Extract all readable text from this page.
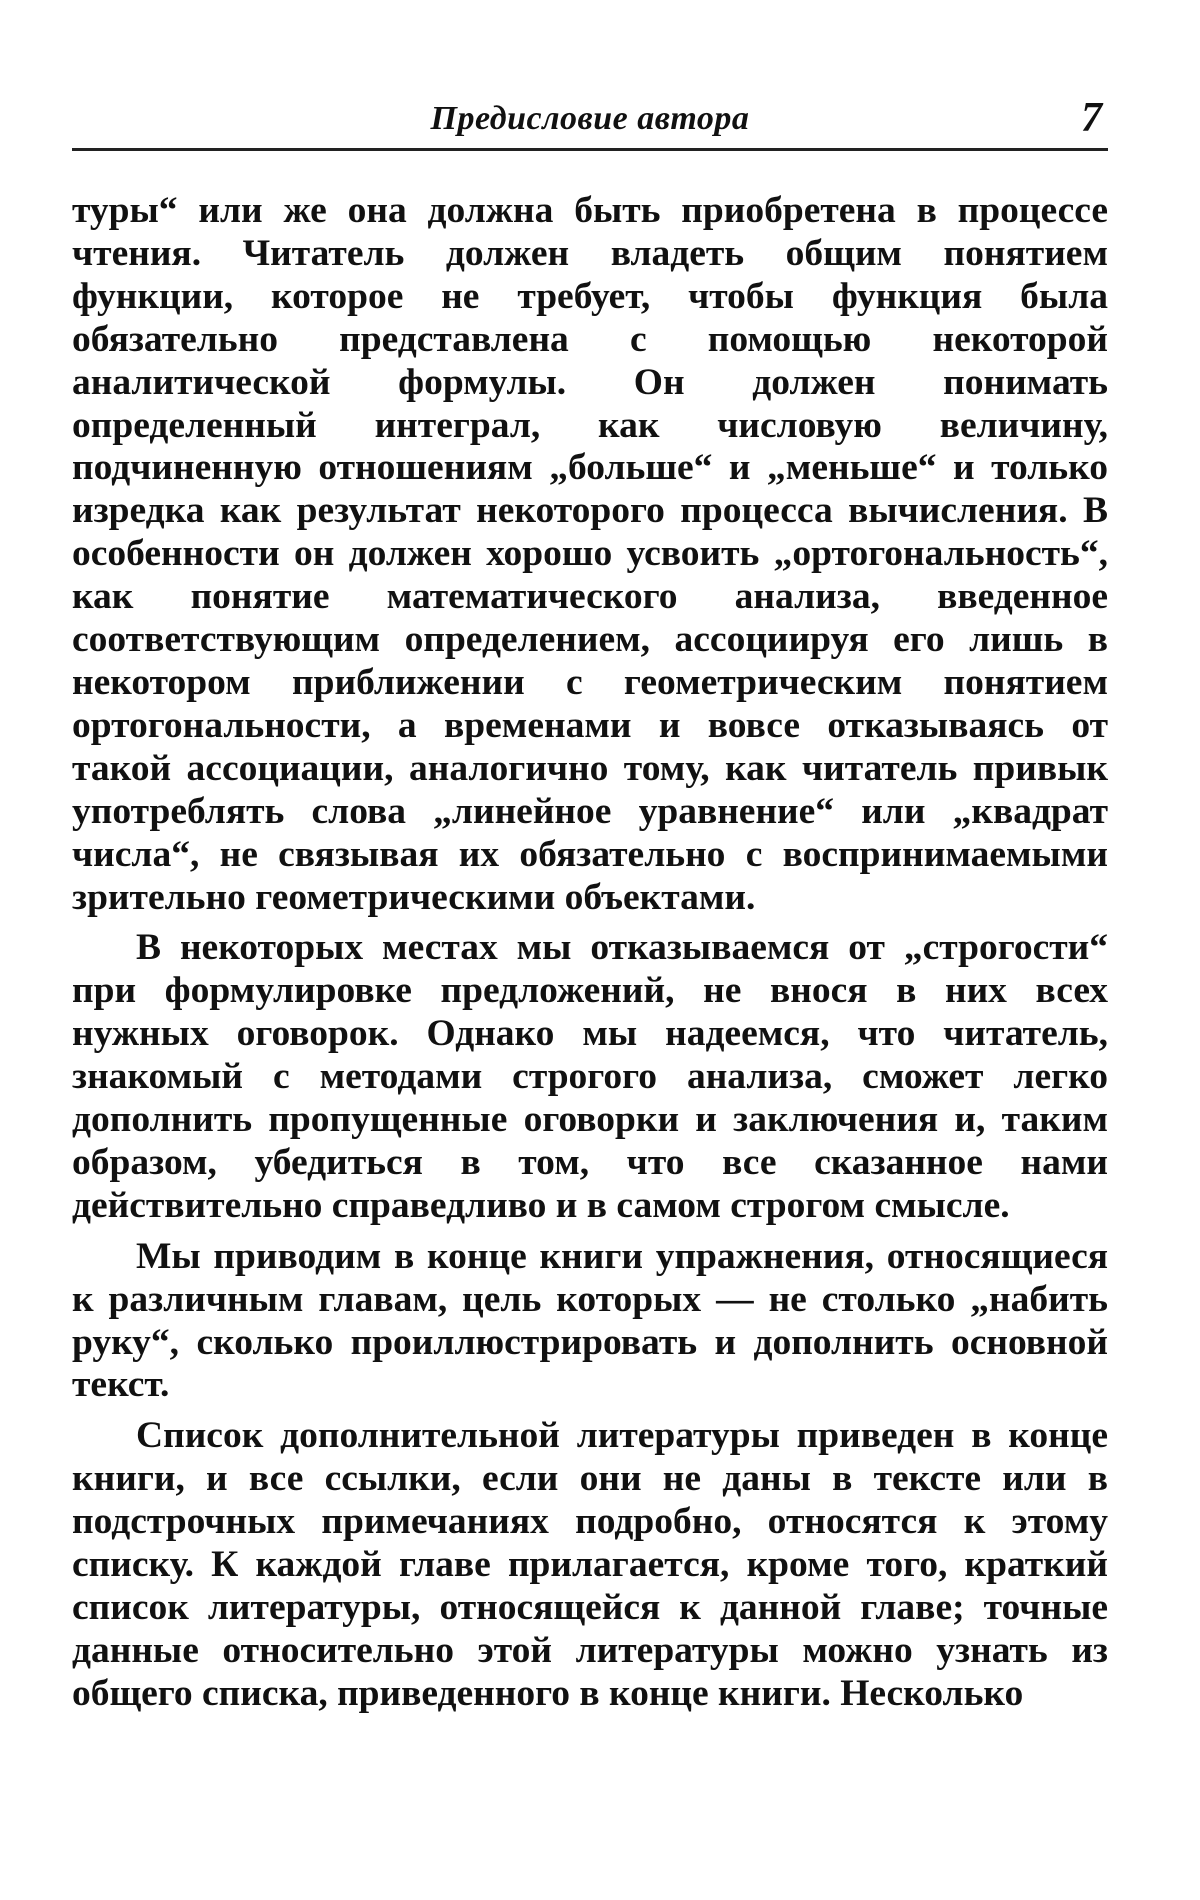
Предисловие автора	7

туры“ или же она должна быть приобретена в процессе чтения. Читатель должен владеть общим понятием функции, которое не требует, чтобы функция была обязательно представлена с помощью некоторой аналитической формулы. Он должен понимать определенный интеграл, как числовую величину, подчиненную отношениям „больше“ и „меньше“ и только изредка как результат некоторого процесса вычисления. В особенности он должен хорошо усвоить „ортогональность“, как понятие математического анализа, введенное соответствующим определением, ассоциируя его лишь в некотором приближении с геометрическим понятием ортогональности, а временами и вовсе отказываясь от такой ассоциации, аналогично тому, как читатель привык употреблять слова „линейное уравнение“ или „квадрат числа“, не связывая их обязательно с воспринимаемыми зрительно геометрическими объектами.

В некоторых местах мы отказываемся от „строгости“ при формулировке предложений, не внося в них всех нужных оговорок. Однако мы надеемся, что читатель, знакомый с методами строгого анализа, сможет легко дополнить пропущенные оговорки и заключения и, таким образом, убедиться в том, что все сказанное нами действительно справедливо и в самом строгом смысле.

Мы приводим в конце книги упражнения, относящиеся к различным главам, цель которых — не столько „набить руку“, сколько проиллюстрировать и дополнить основной текст.

Список дополнительной литературы приведен в конце книги, и все ссылки, если они не даны в тексте или в подстрочных примечаниях подробно, относятся к этому списку. К каждой главе прилагается, кроме того, краткий список литературы, относящейся к данной главе; точные данные относительно этой литературы можно узнать из общего списка, приведенного в конце книги. Несколько
